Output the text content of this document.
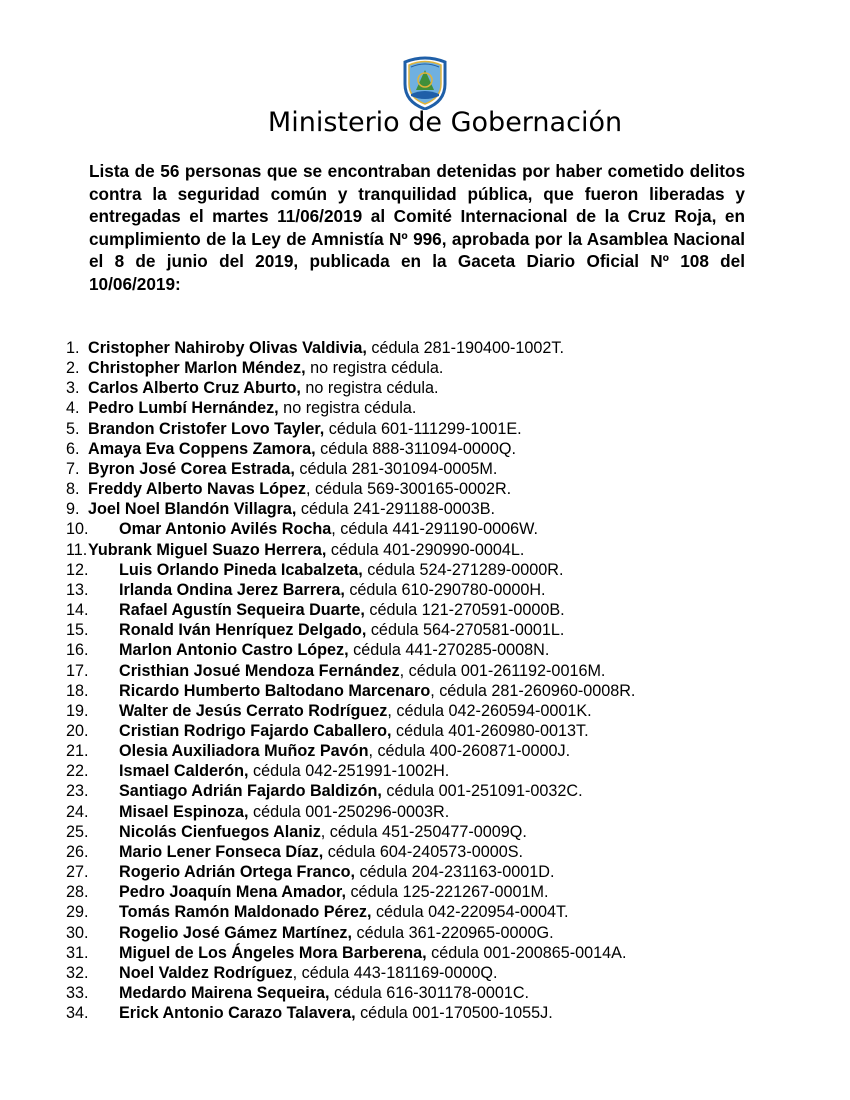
Ministerio de Gobernación

Lista de 56 personas que se encontraban detenidas por haber cometido delitos contra la seguridad común y tranquilidad pública, que fueron liberadas y entregadas el martes 11/06/2019 al Comité Internacional de la Cruz Roja, en cumplimiento de la Ley de Amnistía Nº 996, aprobada por la Asamblea Nacional el 8 de junio del 2019, publicada en la Gaceta Diario Oficial Nº 108 del 10/06/2019:

1. Cristopher Nahiroby Olivas Valdivia, cédula 281-190400-1002T.
2. Christopher Marlon Méndez, no registra cédula.
3. Carlos Alberto Cruz Aburto, no registra cédula.
4. Pedro Lumbí Hernández, no registra cédula.
5. Brandon Cristofer Lovo Tayler, cédula 601-111299-1001E.
6. Amaya Eva Coppens Zamora, cédula 888-311094-0000Q.
7. Byron José Corea Estrada, cédula 281-301094-0005M.
8. Freddy Alberto Navas López , cédula 569-300165-0002R.
9. Joel Noel Blandón Villagra, cédula 241-291188-0003B.
10.	Omar Antonio Avilés Rocha , cédula 441-291190-0006W.
11. Yubrank Miguel Suazo Herrera, cédula 401-290990-0004L.
12.	Luis Orlando Pineda Icabalzeta, cédula 524-271289-0000R.
13.	Irlanda Ondina Jerez Barrera, cédula 610-290780-0000H.
14.	Rafael Agustín Sequeira Duarte, cédula 121-270591-0000B.
15.	Ronald Iván Henríquez Delgado, cédula 564-270581-0001L.
16.	Marlon Antonio Castro López, cédula 441-270285-0008N.
17.	Cristhian Josué Mendoza Fernández , cédula 001-261192-0016M.
18.	Ricardo Humberto Baltodano Marcenaro , cédula 281-260960-0008R.
19.	Walter de Jesús Cerrato Rodríguez , cédula 042-260594-0001K.
20.	Cristian Rodrigo Fajardo Caballero, cédula 401-260980-0013T.
21.	Olesia Auxiliadora Muñoz Pavón , cédula 400-260871-0000J.
22.	Ismael Calderón, cédula 042-251991-1002H.
23.	Santiago Adrián Fajardo Baldizón, cédula 001-251091-0032C.
24.	Misael Espinoza, cédula 001-250296-0003R.
25.	Nicolás Cienfuegos Alaniz , cédula 451-250477-0009Q.
26.	Mario Lener Fonseca Díaz, cédula 604-240573-0000S.
27.	Rogerio Adrián Ortega Franco, cédula 204-231163-0001D.
28.	Pedro Joaquín Mena Amador, cédula 125-221267-0001M.
29.	Tomás Ramón Maldonado Pérez, cédula 042-220954-0004T.
30.	Rogelio José Gámez Martínez, cédula 361-220965-0000G.
31.	Miguel de Los Ángeles Mora Barberena, cédula 001-200865-0014A.
32.	Noel Valdez Rodríguez , cédula 443-181169-0000Q.
33.	Medardo Mairena Sequeira, cédula 616-301178-0001C.
34.	Erick Antonio Carazo Talavera, cédula 001-170500-1055J.
